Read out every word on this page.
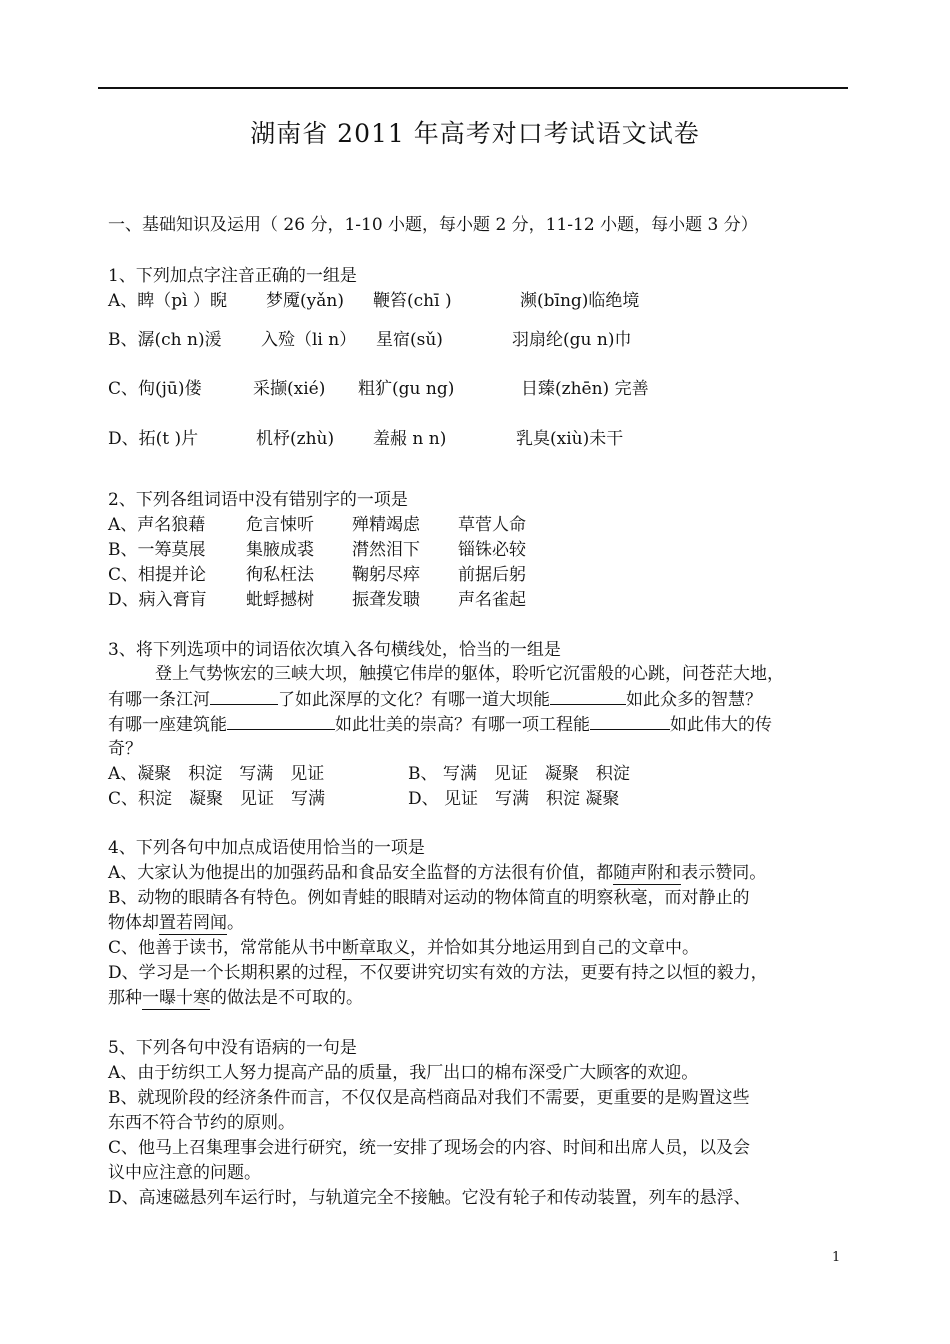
湖南省 2011 年高考对口考试语文试卷
一、基础知识及运用（ 26 分，1-10 小题，每小题 2 分，11-12 小题，每小题 3 分）
1、下列加点字注音正确的一组是
A、睥（pì ）睨 梦魇(yǎn) 鞭笞(chī )	濒(bīng)临绝境
B、潺(ch n)湲 入殓（li n） 星宿(sǔ)	羽扇纶(gu n)巾
C、佝(jū)偻	采撷(xié) 粗犷(gu ng)	日臻(zhēn) 完善
D、拓(t )片	机杼(zhù) 羞赧 n n)	乳臭(xiù)未干
2、下列各组词语中没有错别字的一项是
A、声名狼藉 危言悚听 殚精竭虑 草菅人命
B、一筹莫展 集腋成裘 潸然泪下 锱铢必较
C、相提并论 徇私枉法 鞠躬尽瘁 前据后躬
D、病入膏肓 蚍蜉撼树 振聋发聩 声名雀起
3、将下列选项中的词语依次填入各句横线处，恰当的一组是
登上气势恢宏的三峡大坝，触摸它伟岸的躯体，聆听它沉雷般的心跳，问苍茫大地，
有哪一条江河	了如此深厚的文化？有哪一道大坝能	如此众多的智慧？
有哪一座建筑能	如此壮美的崇高？有哪一项工程能	如此伟大的传
奇？
A、凝聚　积淀　写满　见证	B、 写满　见证　凝聚　积淀
C、积淀　凝聚　见证　写满	D、 见证　写满　积淀 凝聚
4、下列各句中加点成语使用恰当的一项是
A、大家认为他提出的加强药品和食品安全监督的方法很有价值，都随声附和表示赞同。
B、动物的眼睛各有特色。例如青蛙的眼睛对运动的物体简直的明察秋毫，而对静止的
物体却置若罔闻。
C、他善于读书，常常能从书中断章取义，并恰如其分地运用到自己的文章中。
D、学习是一个长期积累的过程，不仅要讲究切实有效的方法，更要有持之以恒的毅力，
那种一曝十寒的做法是不可取的。
5、下列各句中没有语病的一句是
A、由于纺织工人努力提高产品的质量，我厂出口的棉布深受广大顾客的欢迎。
B、就现阶段的经济条件而言，不仅仅是高档商品对我们不需要，更重要的是购置这些
东西不符合节约的原则。
C、他马上召集理事会进行研究，统一安排了现场会的内容、时间和出席人员，以及会
议中应注意的问题。
D、高速磁悬列车运行时，与轨道完全不接触。它没有轮子和传动装置，列车的悬浮、
1
